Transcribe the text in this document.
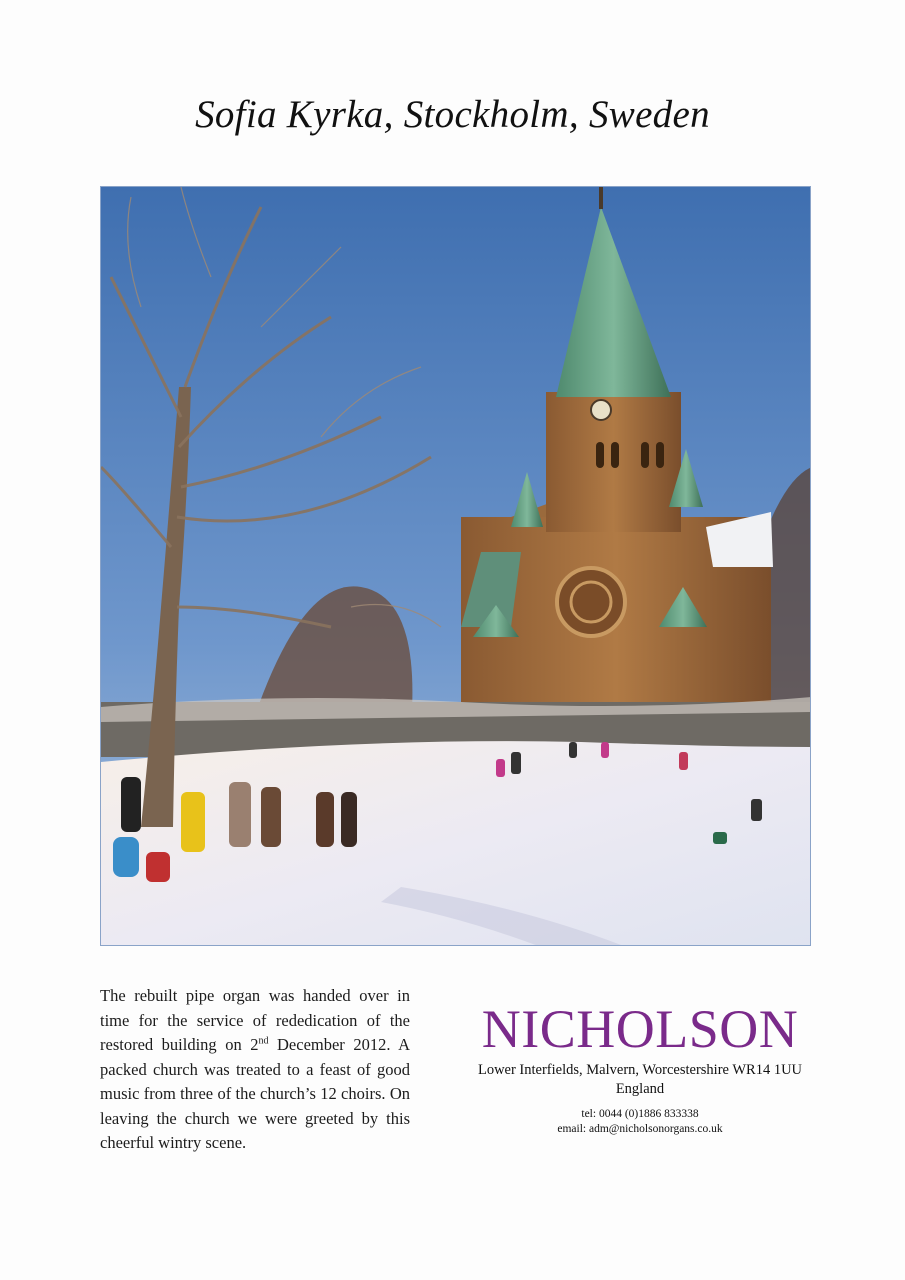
Sofia Kyrka, Stockholm, Sweden
The rebuilt pipe organ was handed over in time for the service of rededication of the restored building on 2nd December 2012. A packed church was treated to a feast of good music from three of the church’s 12 choirs. On leaving the church we were greeted by this cheerful wintry scene.
NICHOLSON
Lower Interfields, Malvern, Worcestershire WR14 1UU
England
tel: 0044 (0)1886 833338
email: adm@nicholsonorgans.co.uk
